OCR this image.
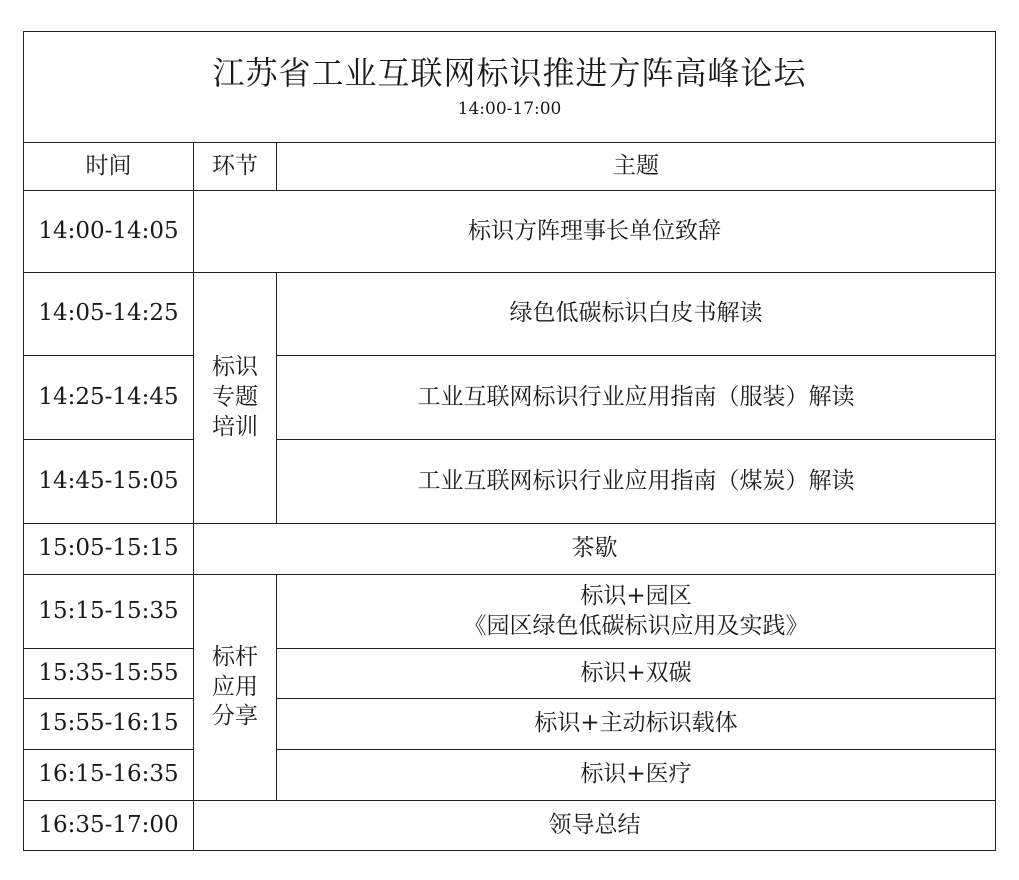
江苏省工业互联网标识推进方阵高峰论坛
14:00-17:00		

时间	环节	主题
14:00-14:05	标识方阵理事长单位致辞	
14:05-14:25	标识
专题
培训	绿色低碳标识白皮书解读
14:25-14:45		工业互联网标识行业应用指南（服装）解读
14:45-15:05		工业互联网标识行业应用指南（煤炭）解读
15:05-15:15	茶歇	
15:15-15:35	标杆
应用
分享	标识+园区
《园区绿色低碳标识应用及实践》

15:35-15:55		标识+双碳
15:55-16:15		标识+主动标识载体
16:15-16:35		标识+医疗
16:35-17:00	领导总结	
